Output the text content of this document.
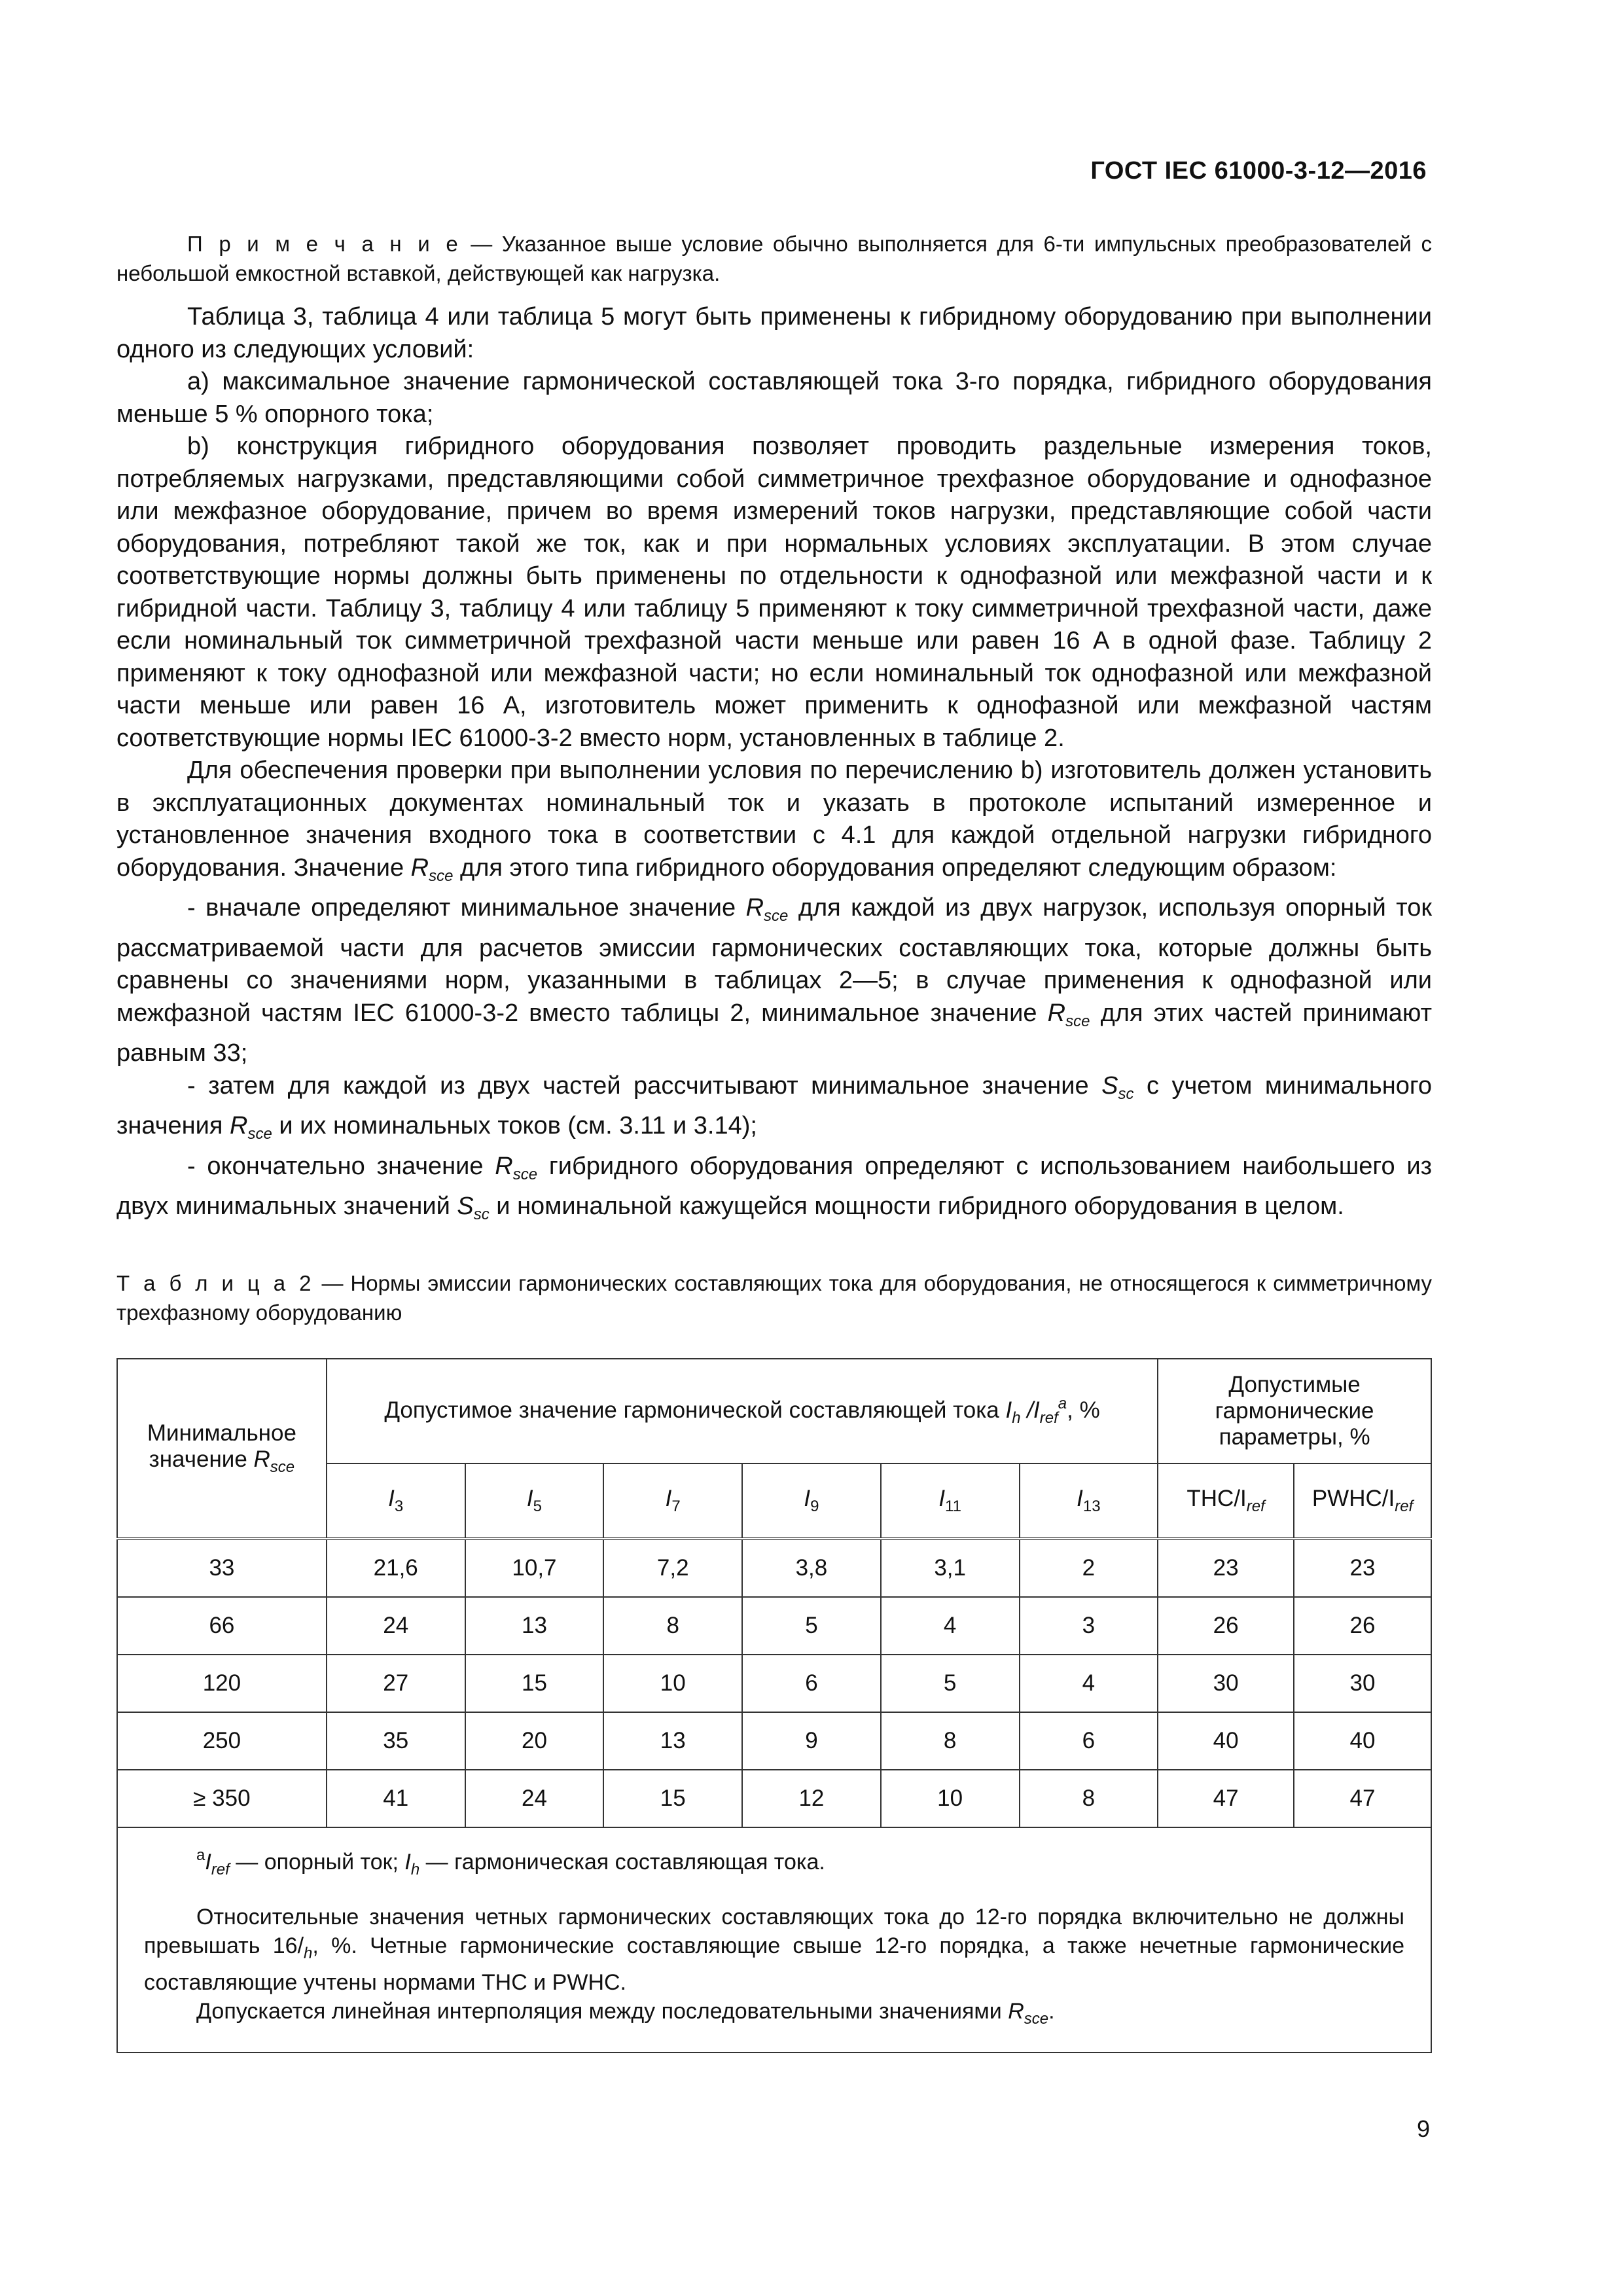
ГОСТ IEC 61000-3-12—2016

П р и м е ч а н и е — Указанное выше условие обычно выполняется для 6-ти импульсных преобразователей с небольшой емкостной вставкой, действующей как нагрузка.

Таблица 3, таблица 4 или таблица 5 могут быть применены к гибридному оборудованию при выполнении одного из следующих условий:

a) максимальное значение гармонической составляющей тока 3-го порядка, гибридного оборудования меньше 5 % опорного тока;

b) конструкция гибридного оборудования позволяет проводить раздельные измерения токов, потребляемых нагрузками, представляющими собой симметричное трехфазное оборудование и однофазное или межфазное оборудование, причем во время измерений токов нагрузки, представляющие собой части оборудования, потребляют такой же ток, как и при нормальных условиях эксплуатации. В этом случае соответствующие нормы должны быть применены по отдельности к однофазной или межфазной части и к гибридной части. Таблицу 3, таблицу 4 или таблицу 5 применяют к току симметричной трехфазной части, даже если номинальный ток симметричной трехфазной части меньше или равен 16 А в одной фазе. Таблицу 2 применяют к току однофазной или межфазной части; но если номинальный ток однофазной или межфазной части меньше или равен 16 А, изготовитель может применить к однофазной или межфазной частям соответствующие нормы IEC 61000-3-2 вместо норм, установленных в таблице 2.

Для обеспечения проверки при выполнении условия по перечислению b) изготовитель должен установить в эксплуатационных документах номинальный ток и указать в протоколе испытаний измеренное и установленное значения входного тока в соответствии с 4.1 для каждой отдельной нагрузки гибридного оборудования. Значение $R_{sce}$ для этого типа гибридного оборудования определяют следующим образом:

- вначале определяют минимальное значение $R_{sce}$ для каждой из двух нагрузок, используя опорный ток рассматриваемой части для расчетов эмиссии гармонических составляющих тока, которые должны быть сравнены со значениями норм, указанными в таблицах 2—5; в случае применения к однофазной или межфазной частям IEC 61000-3-2 вместо таблицы 2, минимальное значение $R_{sce}$ для этих частей принимают равным 33;

- затем для каждой из двух частей рассчитывают минимальное значение $S_{sc}$ с учетом минимального значения $R_{sce}$ и их номинальных токов (см. 3.11 и 3.14);

- окончательно значение $R_{sce}$ гибридного оборудования определяют с использованием наибольшего из двух минимальных значений $S_{sc}$ и номинальной кажущейся мощности гибридного оборудования в целом.

Т а б л и ц а 2 — Нормы эмиссии гармонических составляющих тока для оборудования, не относящегося к симметричному трехфазному оборудованию
Минимальное значение $R_{sce}$	Допустимое значение гармонической составляющей тока $I_h$ $/I_{ref}^a$, %						Допустимые гармонические параметры, %	
	$I_3$	$I_5$	$I_7$	$I_9$	$I_{11}$	$I_{13}$	THC/$I_{ref}$	PWHC/$I_{ref}$
33	21,6	10,7	7,2	3,8	3,1	2	23	23
66	24	13	8	5	4	3	26	26
120	27	15	10	6	5	4	30	30
250	35	20	13	9	8	6	40	40
≥ 350	41	24	15	12	10	8	47	47

$^aI_{ref}$ — опорный ток; $I_h$ — гармоническая составляющая тока.

Относительные значения четных гармонических составляющих тока до 12-го порядка включительно не должны превышать $16/_h$, %. Четные гармонические составляющие свыше 12-го порядка, а также нечетные гармонические составляющие учтены нормами THC и PWHC.

Допускается линейная интерполяция между последовательными значениями $R_{sce}$.								

9
